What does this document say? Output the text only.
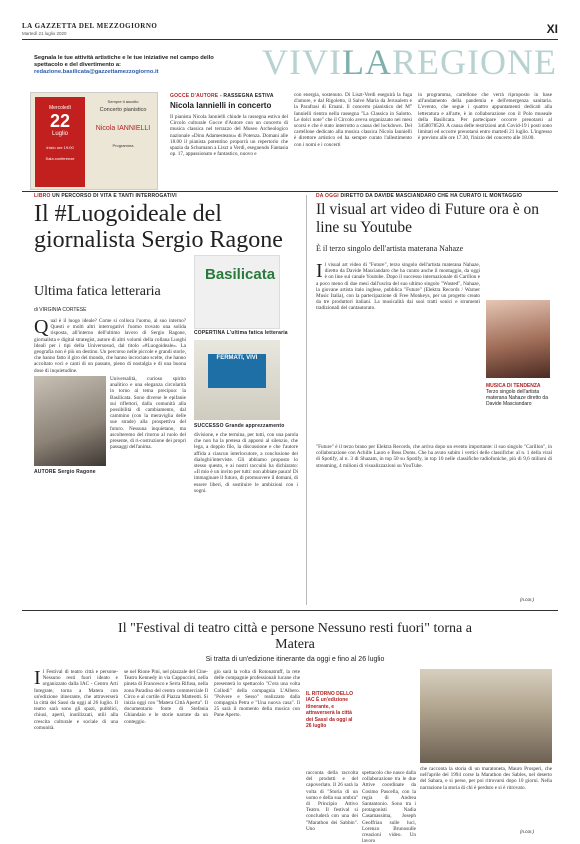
LA GAZZETTA DEL MEZZOGIORNO
Martedì 21 luglio 2020	XI
Segnala le tue attività artistiche e le tue iniziative nel campo dello spettacolo e del divertimento a: redazione.basilicata@gazzettamezzogiorno.it	VIVILAREGIONE
Mercoledì
22
Luglio
Inizio ore 19:00
Sala conferenze
Sempre ti ascolto
Concerto pianistico
Nicola IANNIELLI
Programma
GOCCE D'AUTORE - RASSEGNA ESTIVA
Nicola Iannielli in concerto
Il pianista Nicola Iannielli chiude la rassegna estiva del Circolo culturale Gocce d'Autore con un concerto di musica classica nel terrazzo del Museo Archeologico nazionale «Dinu Adamesteanu» di Potenza. Domani alle 18.00 il pianista potentino proporrà un repertorio che spazia da Schumann a Liszt a Verdi, eseguendo Fantasia op. 17, appassionato e fantastico, nuovo e
con energia, sostenuto. Di Liszt-Verdi eseguirà la fuga d'amore, e dal Rigoletto, il Salve Maria da Jerusalem e la Parafrasi di Ernani. Il concerto pianistico del M° Iannielli rientra nella rassegna "La Classica in Salotto. Le dolci note" che il Circolo aveva organizzato nei mesi scorsi e che è stato interrotto a causa del lockdown. Del cartellone dedicato alla musica classica Nicola Iannielli è direttore artistico ed ha sempre curato l'allestimento con i nomi e i concerti
in programma, cartellone che verrà riproposto in base all'andamento della pandemia e dell'emergenza sanitaria. L'evento, che segue i quattro appuntamenti dedicati alla letteratura e all'arte, è in collaborazione con il Polo museale della Basilicata. Per partecipare occorre prenotarsi al 3458078520. A causa delle restrizioni anti Covid-19 i posti sono limitati ed occorre prenotarsi entro martedì 21 luglio. L'ingresso è previsto alle ore 17.30, l'inizio del concerto alle 18.00.
LIBRO UN PERCORSO DI VITA E TANTI INTERROGATIVI
Il #Luogoideale del giornalista Sergio Ragone
Ultima fatica letteraria
di VIRGINIA CORTESE
Qual è il luogo ideale? Come si colloca l'uomo, al suo interno? Questi e molti altri interrogativi l'uomo trovato una solida risposta, all'interno dell'ultimo lavoro di Sergio Ragone, giornalista e digital strategist, autore di altri volumi della collana Luoghi Ideali per i tipi della Universosud, dal titolo «#Luogoideale». La geografia non è più un destino. Un percorso nelle piccole e grandi storie, che hanno fatto il giro del mondo, che hanno incrociato scelte, che hanno accoltato voci e canti di un passato, pieno di nostalgia e di una buona dose di inquietudine.
Universalità, curioso spirito analitico e una eleganza circolarità in torno al tema precipuo: la Basilicata. Sono diverse le epifanie sui riflettori, dalla comunità alla possibilità di cambiamento, dal cammino (con la meraviglia delle sue strade) alla prospettiva del futuro. Nessuna inquietano, ma ascolteremo del ritorno al ruolo del presente, di ri-costruzione dei propri passaggi dell'anima.
AUTORE Sergio Ragone
Basilicata
COPERTINA L'ultima fatica letteraria
FERMATI, VIVI
SUCCESSO Grande apprezzamento
divisione, e che termina, per tutti, con una parola che non ha la pretesa di apporsi al silenzio, che lega, a doppio filo, la discussione e che l'autore affida a ciascun interlocutore, a conclusione dei dialoghi/interviste. Gli abbiamo proposto lo stesso questo, e ai nostri taccuini ha dichiarato: «Il mio è un invito per tutti: non abbiate paura! Di immaginare il futuro, di promuovere il domani, di essere liberi, di sostituire le ambizioni con i sogni.
DA OGGI DIRETTO DA DAVIDE MASCIANDARO CHE HA CURATO IL MONTAGGIO
Il visual art video di Future ora è on line su Youtube
È il terzo singolo dell'artista materana Nahaze
Il visual art video di "Future", terzo singolo dell'artista materana Nahaze, diretto da Davide Masciandaro che ha curato anche il montaggio, da oggi è on line sul canale Youtube. Dopo il successo internazionale di Carillon e a poco meno di due mesi dall'uscita del suo ultimo singolo "Wasted", Nahaze, la giovane artista italo inglese, pubblica "Future" (Elektra Records / Warner Music Italia), con la partecipazione di Free Monkeys, per un progetto creato da tre produttori italiani. La musicalità dai suoi tratti sonici e strumenti tradizionali del cantautorato.
MUSICA DI TENDENZA
Terzo singolo dell'artista materana Nahaze diretto da Davide Masciandaro
"Future" è il terzo brano per Elektra Records, che arriva dopo un evento importante: il suo singolo "Carillon", in collaborazione con Achille Lauro e Boss Doms. Che ha avuto subito i vertici delle classifiche: al n. 1 della viral di Spotify, al n. 3 di Shazam, in top 50 su Spotify, in top 10 nelle classifiche radiofoniche, più di 9,6 milioni di streaming, 4 milioni di visualizzazioni su YouTube.
(n.cor.)
Il "Festival di teatro città e persone Nessuno resti fuori" torna a Matera
Si tratta di un'edizione itinerante da oggi e fino al 26 luglio
Il Festival di teatro città e persone-Nessuno resti fuori ideato e organizzato dalla IAC - Centro Arti Integrate, torna a Matera con un'edizione itinerante, che attraverserà la città dei Sassi da oggi al 26 luglio. Il teatro sarà sono gli spazi, pubblici, chiusi, aperti, inutilizzati, utili alla crescita culturale e sociale di una comunità.
se nel Rione Pini, nel piazzale del Cine-Teatro Kennedy in via Cappuccini, nella pineta di Francesco e Serra Rifusa, nella zona Paradiso del centro commerciale Il Circo e al cortile di Piazza Matteotti. Si inizia oggi con "Matera Città Aperta". Il documentario fonte di Stefania Ghiandaio e le storie narrate da un conteggio.
gio sarà la volta di Rotonatruff, la rete delle compagnie professionali lucane che presenterà lo spettacolo "C'era una volta Collodi" della compagnia L'Albero. "Polvere e Sesso" realizzato dalla compagnia Petra e "Una nuova casa". Il 25 sarà il momento della musica con Pane Aperto.
IL RITORNO DELLO IAC È un'edizione itinerante, e attraverserà la città dei Sassi da oggi al 26 luglio
racconta della raccolta del prodotti e del capoverlato. Il 26 sarà la volta di "Storia di un uomo e della sua ombra" di Principio Attivo Teatro. Il festival si concluderà con una dei "Marathon dei Sabbin". Uno
spettacolo che nasce dalla collaborazione tra le due Attive coordinate da Cosimo Pascella, con la regia di Andrea Santantonio. Sono tra i protagonisti Nadia Casamassima, Joseph Geoffriau sulle luci, Lorenzo Brunosulle creazioni video. Un lavoro
che racconta la storia di un maratoneta, Mauro Prosperi, che nell'aprile del 1994 corse la Marathon des Sables, nel deserto del Sahara, e si perse, per poi ritrovarsi dopo 10 giorni. Nella narrazione la storia di chi è perduto e si è ritrovato.
(n.cor.)
